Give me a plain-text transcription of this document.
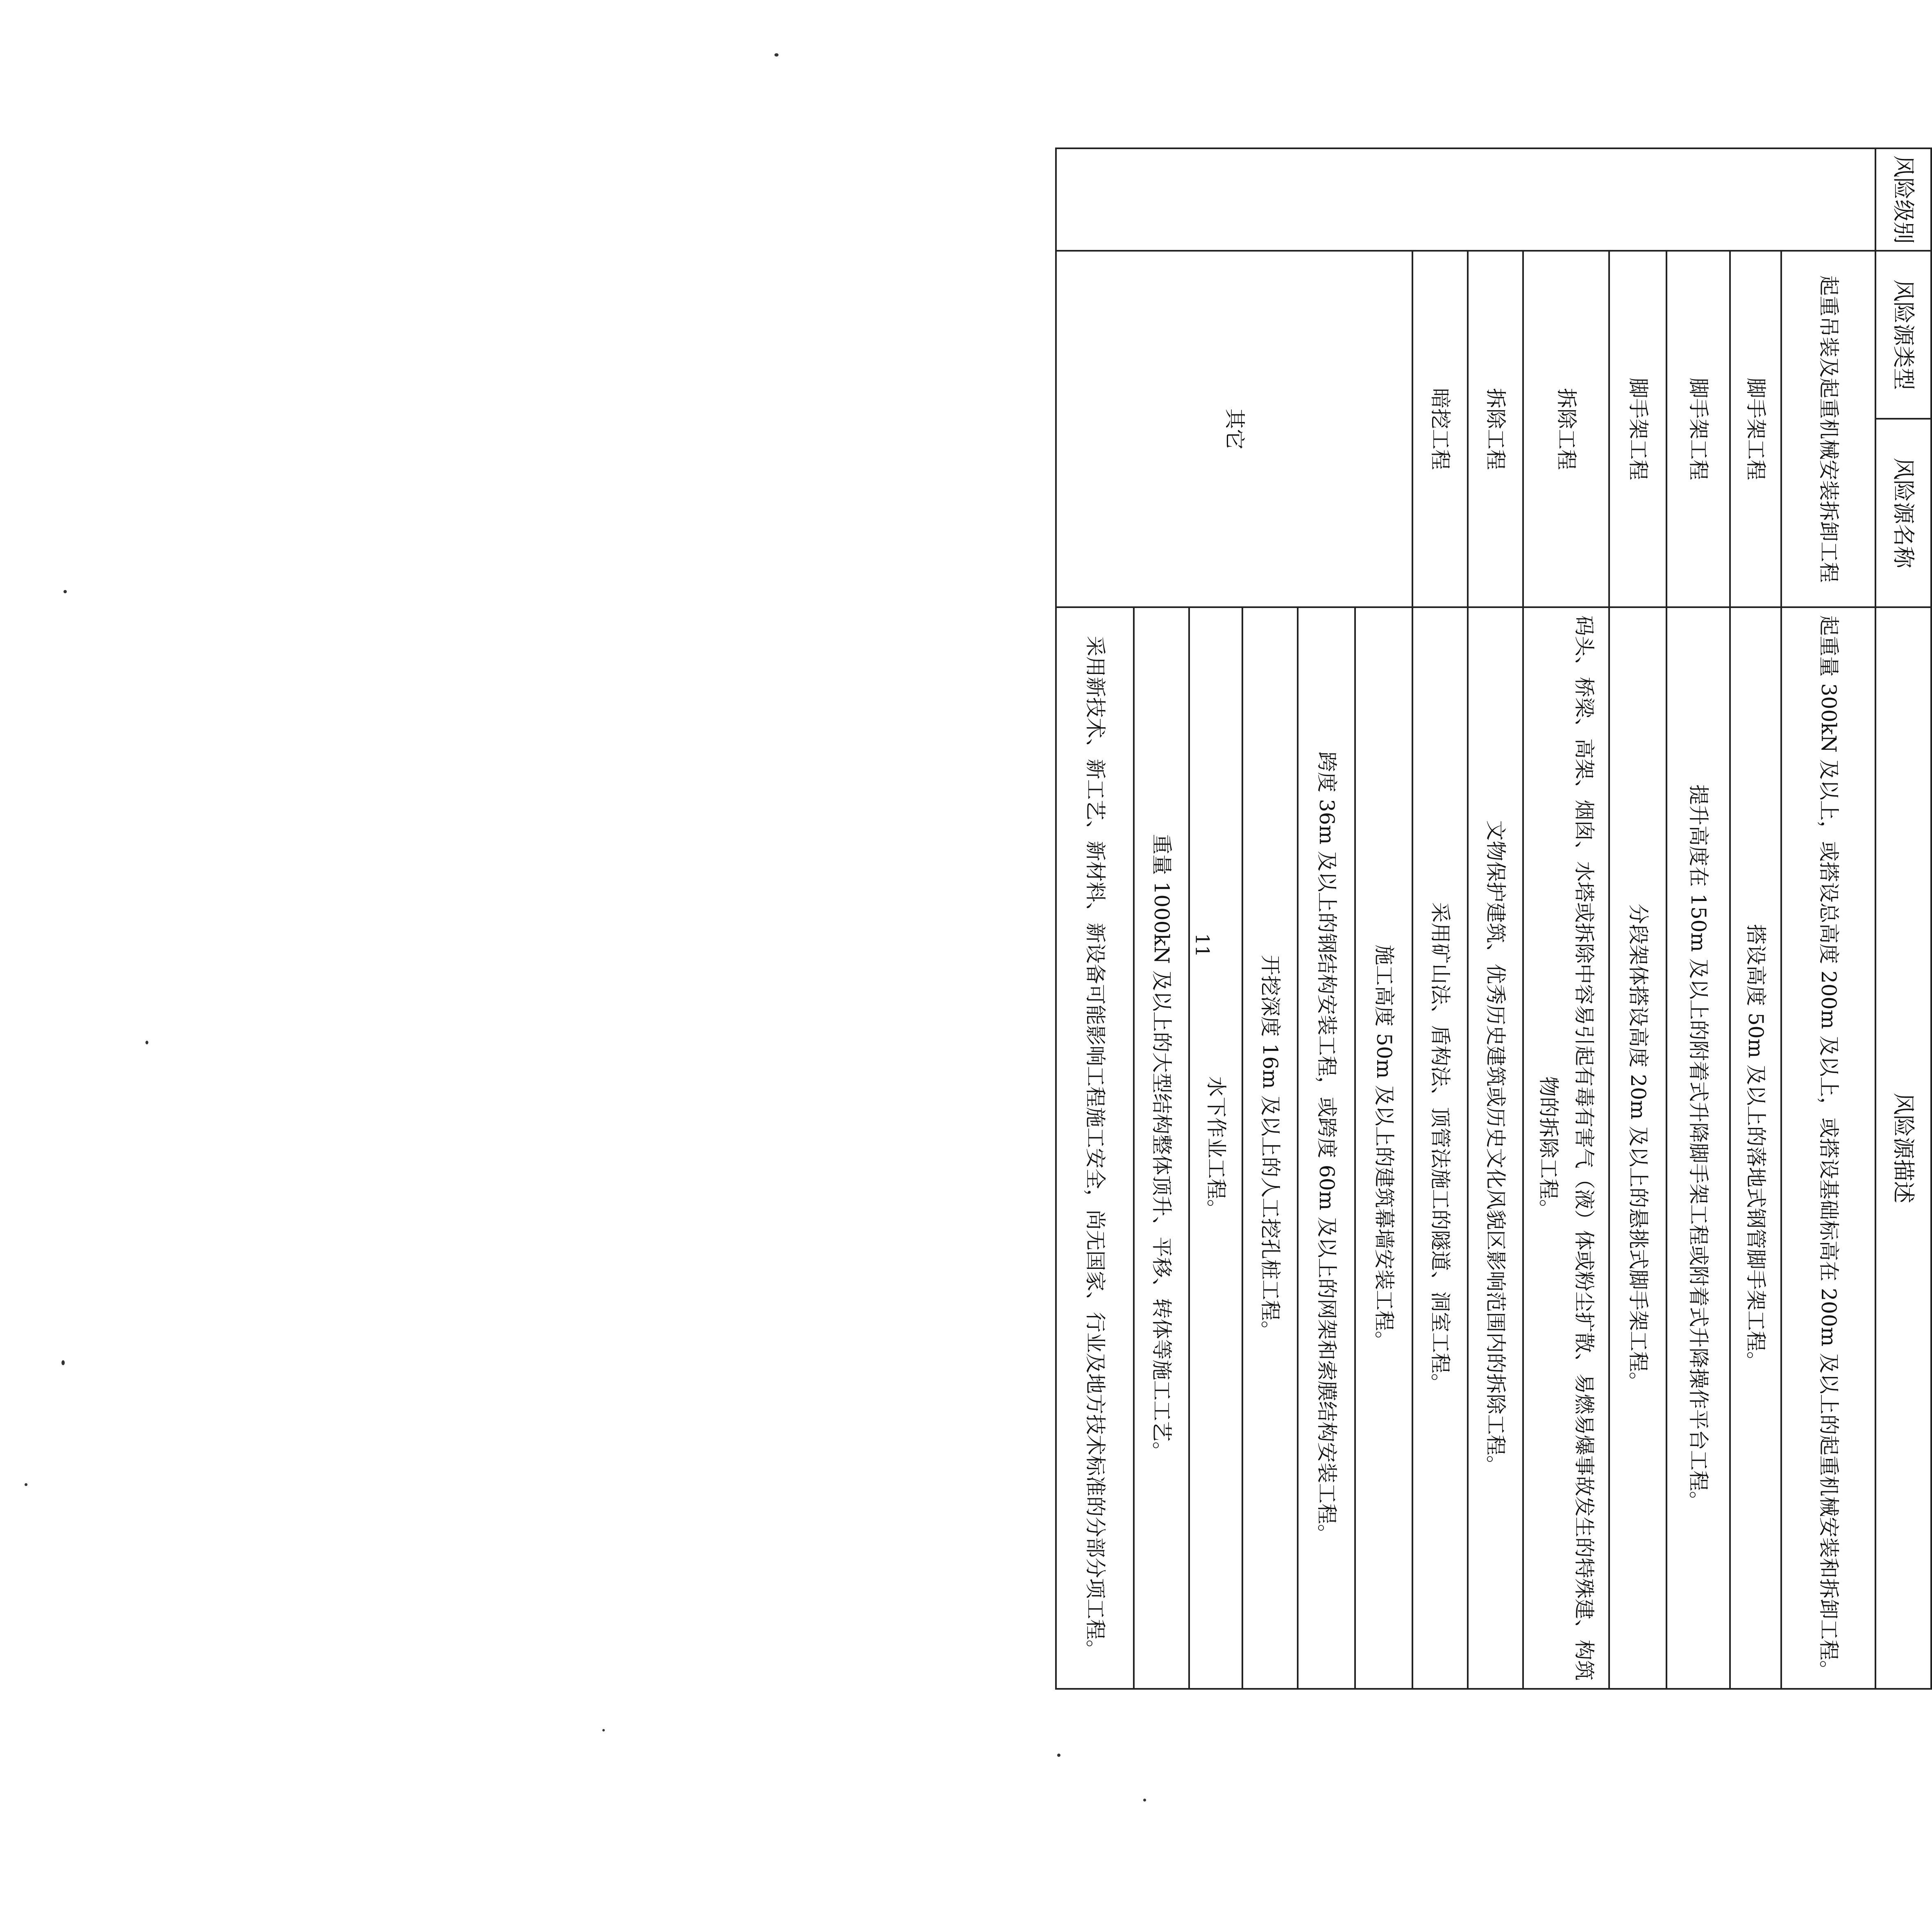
风险级别	风险源类型	风险源名称	风险源描述
	起重吊装及起重机械安装拆卸工程		起重量 300kN 及以上，或搭设总高度 200m 及以上，或搭设基础标高在 200m 及以上的起重机械安装和拆卸工程。
	脚手架工程		搭设高度 50m 及以上的落地式钢管脚手架工程。
	脚手架工程		提升高度在 150m 及以上的附着式升降脚手架工程或附着式升降操作平台工程。
	脚手架工程		分段架体搭设高度 20m 及以上的悬挑式脚手架工程。
	拆除工程		码头、桥梁、高架、烟囱、水塔或拆除中容易引起有毒有害气（液）体或粉尘扩散、易燃易爆事故发生的特殊建、构筑物的拆除工程。
	拆除工程		文物保护建筑、优秀历史建筑或历史文化风貌区影响范围内的拆除工程。
	暗挖工程		采用矿山法、盾构法、顶管法施工的隧道、洞室工程。
	其它		施工高度 50m 及以上的建筑幕墙安装工程。
			跨度 36m 及以上的钢结构安装工程，或跨度 60m 及以上的网架和索膜结构安装工程。
			开挖深度 16m 及以上的人工挖孔桩工程。
			水下作业工程。
			重量 1000kN 及以上的大型结构整体顶升、平移、转体等施工工艺。
			采用新技术、新工艺、新材料、新设备可能影响工程施工安全，尚无国家、行业及地方技术标准的分部分项工程。	11
